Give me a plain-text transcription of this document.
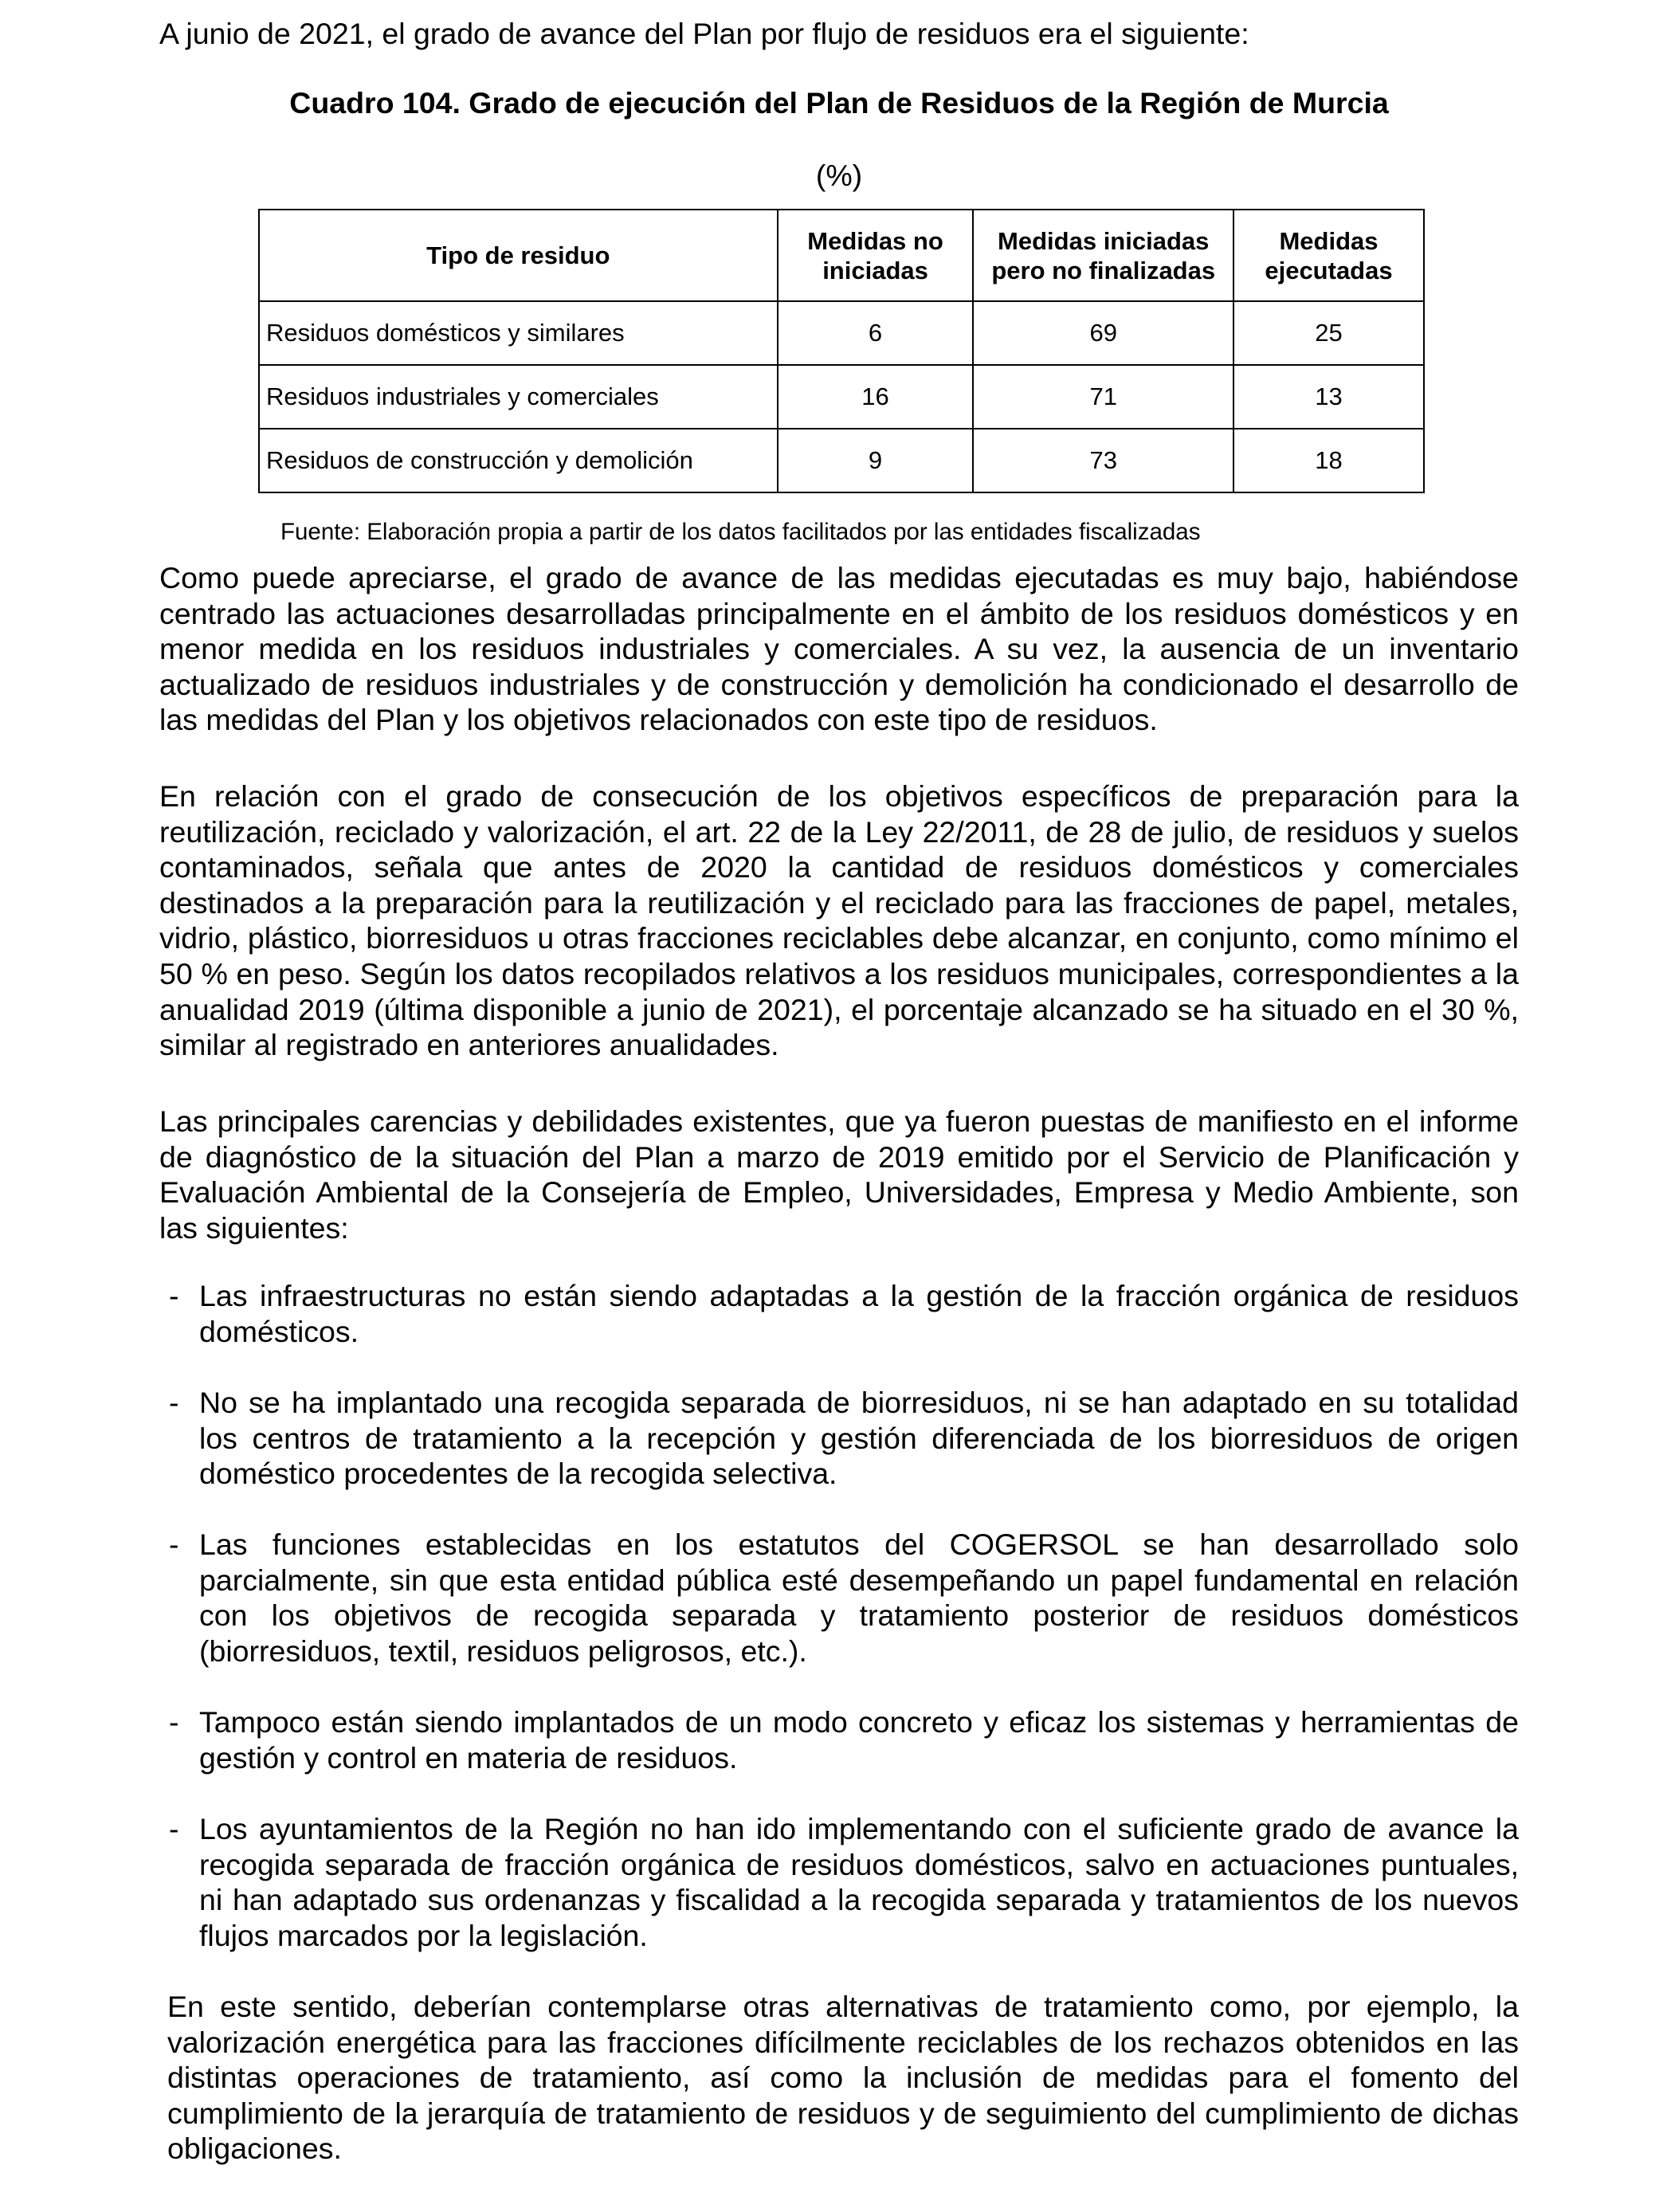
A junio de 2021, el grado de avance del Plan por flujo de residuos era el siguiente:
Cuadro 104. Grado de ejecución del Plan de Residuos de la Región de Murcia
(%)
Tipo de residuo	Medidas no iniciadas	Medidas iniciadas pero no finalizadas	Medidas ejecutadas
Residuos domésticos y similares	6	69	25
Residuos industriales y comerciales	16	71	13
Residuos de construcción y demolición	9	73	18
Fuente: Elaboración propia a partir de los datos facilitados por las entidades fiscalizadas

Como puede apreciarse, el grado de avance de las medidas ejecutadas es muy bajo, habiéndose centrado las actuaciones desarrolladas principalmente en el ámbito de los residuos domésticos y en menor medida en los residuos industriales y comerciales. A su vez, la ausencia de un inventario actualizado de residuos industriales y de construcción y demolición ha condicionado el desarrollo de las medidas del Plan y los objetivos relacionados con este tipo de residuos.

En relación con el grado de consecución de los objetivos específicos de preparación para la reutilización, reciclado y valorización, el art. 22 de la Ley 22/2011, de 28 de julio, de residuos y suelos contaminados, señala que antes de 2020 la cantidad de residuos domésticos y comerciales destinados a la preparación para la reutilización y el reciclado para las fracciones de papel, metales, vidrio, plástico, biorresiduos u otras fracciones reciclables debe alcanzar, en conjunto, como mínimo el 50 % en peso. Según los datos recopilados relativos a los residuos municipales, correspondientes a la anualidad 2019 (última disponible a junio de 2021), el porcentaje alcanzado se ha situado en el 30 %, similar al registrado en anteriores anualidades.

Las principales carencias y debilidades existentes, que ya fueron puestas de manifiesto en el informe de diagnóstico de la situación del Plan a marzo de 2019 emitido por el Servicio de Planificación y Evaluación Ambiental de la Consejería de Empleo, Universidades, Empresa y Medio Ambiente, son las siguientes:

- Las infraestructuras no están siendo adaptadas a la gestión de la fracción orgánica de residuos domésticos.
- No se ha implantado una recogida separada de biorresiduos, ni se han adaptado en su totalidad los centros de tratamiento a la recepción y gestión diferenciada de los biorresiduos de origen doméstico procedentes de la recogida selectiva.
- Las funciones establecidas en los estatutos del COGERSOL se han desarrollado solo parcialmente, sin que esta entidad pública esté desempeñando un papel fundamental en relación con los objetivos de recogida separada y tratamiento posterior de residuos domésticos (biorresiduos, textil, residuos peligrosos, etc.).
- Tampoco están siendo implantados de un modo concreto y eficaz los sistemas y herramientas de gestión y control en materia de residuos.
- Los ayuntamientos de la Región no han ido implementando con el suficiente grado de avance la recogida separada de fracción orgánica de residuos domésticos, salvo en actuaciones puntuales, ni han adaptado sus ordenanzas y fiscalidad a la recogida separada y tratamientos de los nuevos flujos marcados por la legislación.

En este sentido, deberían contemplarse otras alternativas de tratamiento como, por ejemplo, la valorización energética para las fracciones difícilmente reciclables de los rechazos obtenidos en las distintas operaciones de tratamiento, así como la inclusión de medidas para el fomento del cumplimiento de la jerarquía de tratamiento de residuos y de seguimiento del cumplimiento de dichas obligaciones.
